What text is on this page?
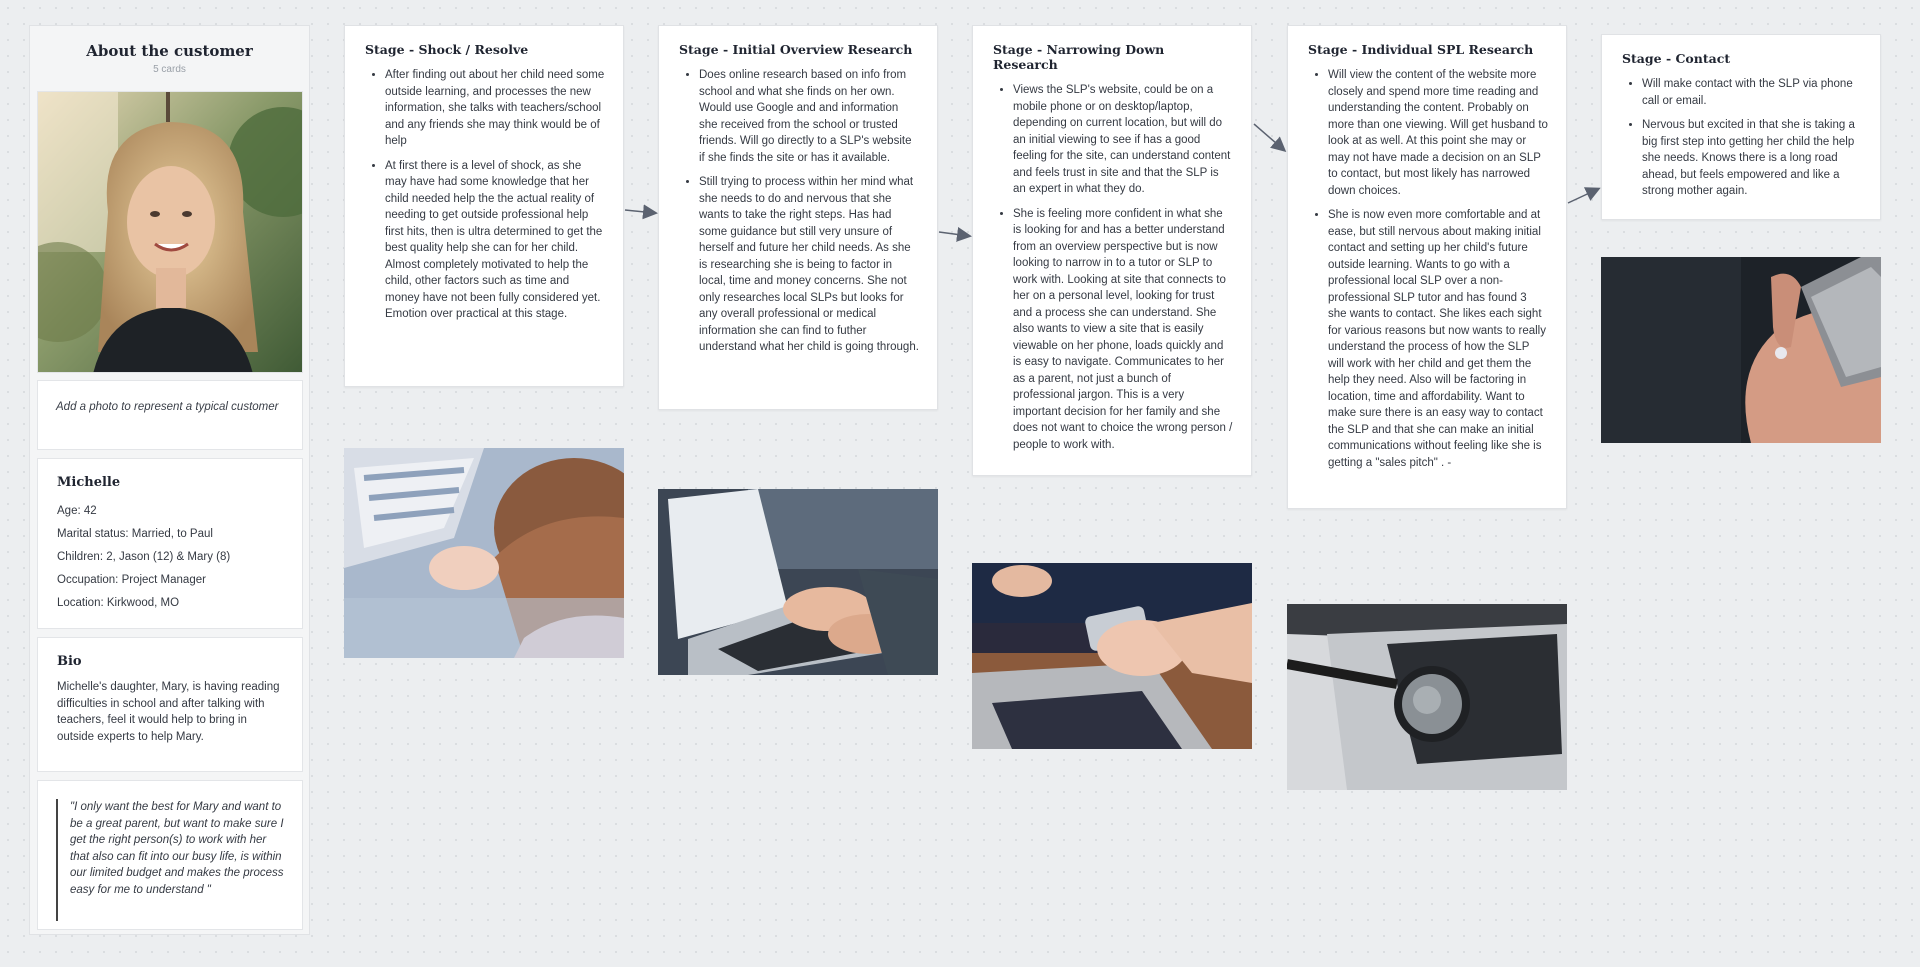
About the customer
5 cards
Add a photo to represent a typical customer
Michelle
Age: 42
Marital status: Married, to Paul
Children: 2, Jason (12) & Mary (8)
Occupation: Project Manager
Location: Kirkwood, MO
Bio
Michelle's daughter, Mary, is having reading difficulties in school and after talking with teachers, feel it would help to bring in outside experts to help Mary.
"I only want the best for Mary and want to be a great parent, but want to make sure I get the right person(s) to work with her that also can fit into our busy life, is within our limited budget and makes the process easy for me to understand "
Stage - Shock / Resolve
• After finding out about her child need some outside learning, and processes the new information, she talks with teachers/school and any friends she may think would be of help
• At first there is a level of shock, as she may have had some knowledge that her child needed help the the actual reality of needing to get outside professional help first hits, then is ultra determined to get the best quality help she can for her child. Almost completely motivated to help the child, other factors such as time and money have not been fully considered yet. Emotion over practical at this stage.
Stage - Initial Overview Research
• Does online research based on info from school and what she finds on her own. Would use Google and and information she received from the school or trusted friends. Will go directly to a SLP's website if she finds the site or has it available.
• Still trying to process within her mind what she needs to do and nervous that she wants to take the right steps. Has had some guidance but still very unsure of herself and future her child needs. As she is researching she is being to factor in local, time and money concerns. She not only researches local SLPs but looks for any overall professional or medical information she can find to futher understand what her child is going through.
Stage - Narrowing Down Research
• Views the SLP's website, could be on a mobile phone or on desktop/laptop, depending on current location, but will do an initial viewing to see if has a good feeling for the site, can understand content and feels trust in site and that the SLP is an expert in what they do.
• She is feeling more confident in what she is looking for and has a better understand from an overview perspective but is now looking to narrow in to a tutor or SLP to work with. Looking at site that connects to her on a personal level, looking for trust and a process she can understand. She also wants to view a site that is easily viewable on her phone, loads quickly and is easy to navigate. Communicates to her as a parent, not just a bunch of professional jargon. This is a very important decision for her family and she does not want to choice the wrong person / people to work with.
Stage - Individual SPL Research
• Will view the content of the website more closely and spend more time reading and understanding the content. Probably on more than one viewing. Will get husband to look at as well. At this point she may or may not have made a decision on an SLP to contact, but most likely has narrowed down choices.
• She is now even more comfortable and at ease, but still nervous about making initial contact and setting up her child's future outside learning. Wants to go with a professional local SLP over a non-professional SLP tutor and has found 3 she wants to contact. She likes each sight for various reasons but now wants to really understand the process of how the SLP will work with her child and get them the help they need. Also will be factoring in location, time and affordability. Want to make sure there is an easy way to contact the SLP and that she can make an initial communications without feeling like she is getting a "sales pitch" . -
Stage - Contact
• Will make contact with the SLP via phone call or email.
• Nervous but excited in that she is taking a big first step into getting her child the help she needs. Knows there is a long road ahead, but feels empowered and like a strong mother again.
